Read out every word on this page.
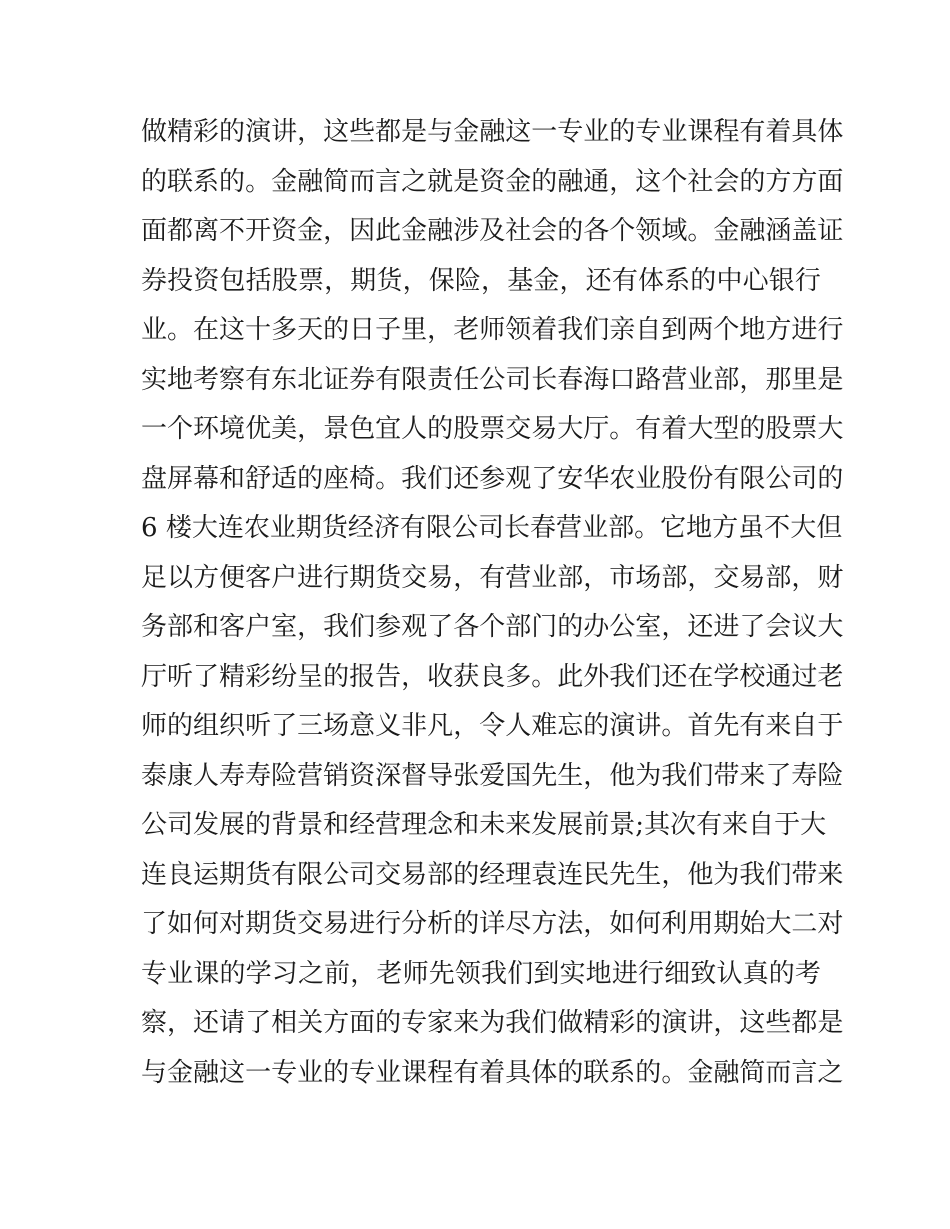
做 精 彩 的 演 讲 ， 这 些 都 是 与 金 融 这 一 专 业 的 专 业 课 程 有 着 具 体
的 联 系 的 。 金 融 简 而 言 之 就 是 资 金 的 融 通 ， 这 个 社 会 的 方 方 面
面 都 离 不 开 资 金 ， 因 此 金 融 涉 及 社 会 的 各 个 领 域 。 金 融 涵 盖 证
券 投 资 包 括 股 票 ， 期 货 ， 保 险 ， 基 金 ， 还 有 体 系 的 中 心 银 行
业 。 在 这 十 多 天 的 日 子 里 ， 老 师 领 着 我 们 亲 自 到 两 个 地 方 进 行
实 地 考 察 有 东 北 证 券 有 限 责 任 公 司 长 春 海 口 路 营 业 部 ， 那 里 是
一 个 环 境 优 美 ， 景 色 宜 人 的 股 票 交 易 大 厅 。 有 着 大 型 的 股 票 大
盘 屏 幕 和 舒 适 的 座 椅 。 我 们 还 参 观 了 安 华 农 业 股 份 有 限 公 司 的
6
楼 大 连 农 业 期 货 经 济 有 限 公 司 长 春 营 业 部 。 它 地 方 虽 不 大 但
足 以 方 便 客 户 进 行 期 货 交 易 ， 有 营 业 部 ， 市 场 部 ， 交 易 部 ， 财
务 部 和 客 户 室 ， 我 们 参 观 了 各 个 部 门 的 办 公 室 ， 还 进 了 会 议 大
厅 听 了 精 彩 纷 呈 的 报 告 ， 收 获 良 多 。 此 外 我 们 还 在 学 校 通 过 老
师 的 组 织 听 了 三 场 意 义 非 凡 ， 令 人 难 忘 的 演 讲 。 首 先 有 来 自 于
泰 康 人 寿 寿 险 营 销 资 深 督 导 张 爱 国 先 生 ， 他 为 我 们 带 来 了 寿 险
公 司 发 展 的 背 景 和 经 营 理 念 和 未 来 发 展 前 景 ; 其 次 有 来 自 于 大
连 良 运 期 货 有 限 公 司 交 易 部 的 经 理 袁 连 民 先 生 ， 他 为 我 们 带 来
了 如 何 对 期 货 交 易 进 行 分 析 的 详 尽 方 法 ， 如 何 利 用 期 始 大 二 对
专 业 课 的 学 习 之 前 ， 老 师 先 领 我 们 到 实 地 进 行 细 致 认 真 的 考
察 ， 还 请 了 相 关 方 面 的 专 家 来 为 我 们 做 精 彩 的 演 讲 ， 这 些 都 是
与 金 融 这 一 专 业 的 专 业 课 程 有 着 具 体 的 联 系 的 。 金 融 简 而 言 之
